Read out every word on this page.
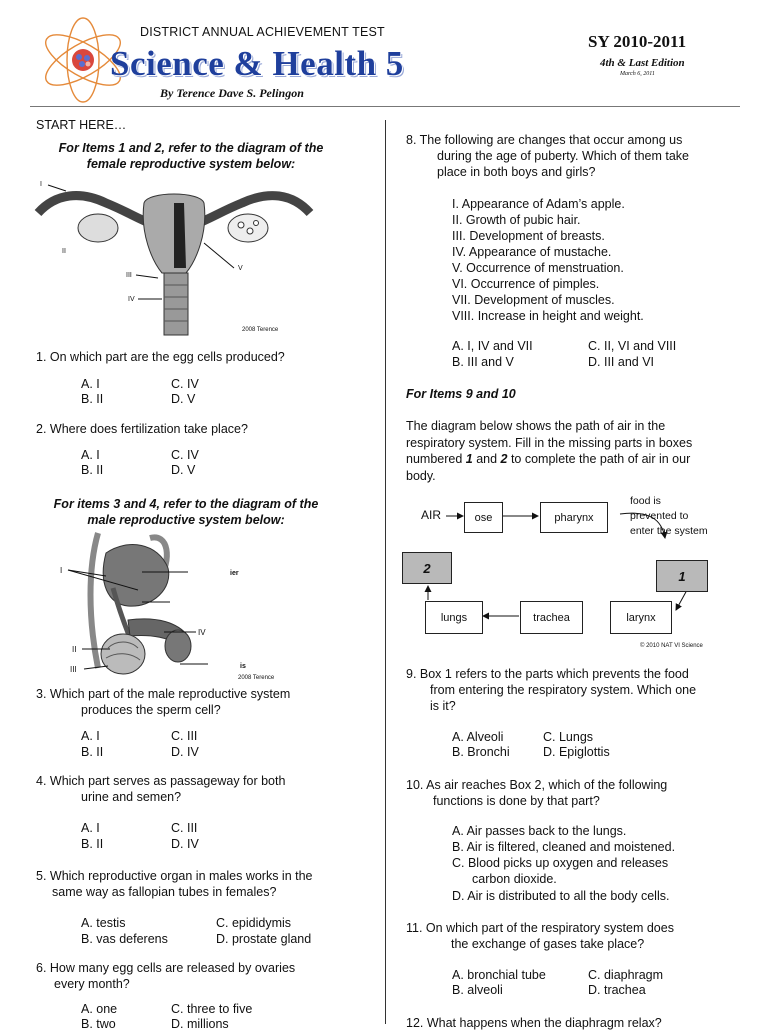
DISTRICT ANNUAL ACHIEVEMENT TEST
Science & Health 5
By Terence Dave S. Pelingon
SY 2010-2011
4th & Last Edition
March 6, 2011
START HERE…
For Items 1 and 2, refer to the diagram of the
female reproductive system below:
I
II
III
IV
V
2008 Terence
1. On which part are the egg cells produced?
A. I	C. IV
B. II	D. V
2. Where does fertilization take place?
A. I	C. IV
B. II	D. V
For items 3 and 4, refer to the diagram of the
male reproductive system below:
I
II
III
IV
ier
is
2008 Terence
3. Which part of the male reproductive system
produces the sperm cell?
A. I	C. III
B. II	D. IV
4. Which part serves as passageway for both
urine and semen?
A. I	C. III
B. II	D. IV
5. Which reproductive organ in males works in the
same way as fallopian tubes in females?
A. testis	C. epididymis
B. vas deferens	D. prostate gland
6. How many egg cells are released by ovaries
every month?
A. one	C. three to five
B. two	D. millions
8. The following are changes that occur among us
during the age of puberty. Which of them take
place in both boys and girls?
I. Appearance of Adam’s apple.
II. Growth of pubic hair.
III. Development of breasts.
IV. Appearance of mustache.
V. Occurrence of menstruation.
VI. Occurrence of pimples.
VII. Development of muscles.
VIII. Increase in height and weight.
A. I, IV and VII	C. II, VI and VIII
B. III and V	D. III and VI
For Items 9 and 10
The diagram below shows the path of air in the
respiratory system. Fill in the missing parts in boxes
numbered 1 and 2 to complete the path of air in our
body.
© 2010 NAT VI Science
AIR	ose	pharynx
food is
prevented to
enter the system
1
2
lungs	trachea	larynx
9. Box 1 refers to the parts which prevents the food
from entering the respiratory system. Which one
is it?
A. Alveoli	C. Lungs
B. Bronchi	D. Epiglottis
10. As air reaches Box 2, which of the following
functions is done by that part?
A. Air passes back to the lungs.
B. Air is filtered, cleaned and moistened.
C. Blood picks up oxygen and releases
carbon dioxide.
D. Air is distributed to all the body cells.
11. On which part of the respiratory system does
the exchange of gases take place?
A. bronchial tube	C. diaphragm
B. alveoli	D. trachea
12. What happens when the diaphragm relax?
